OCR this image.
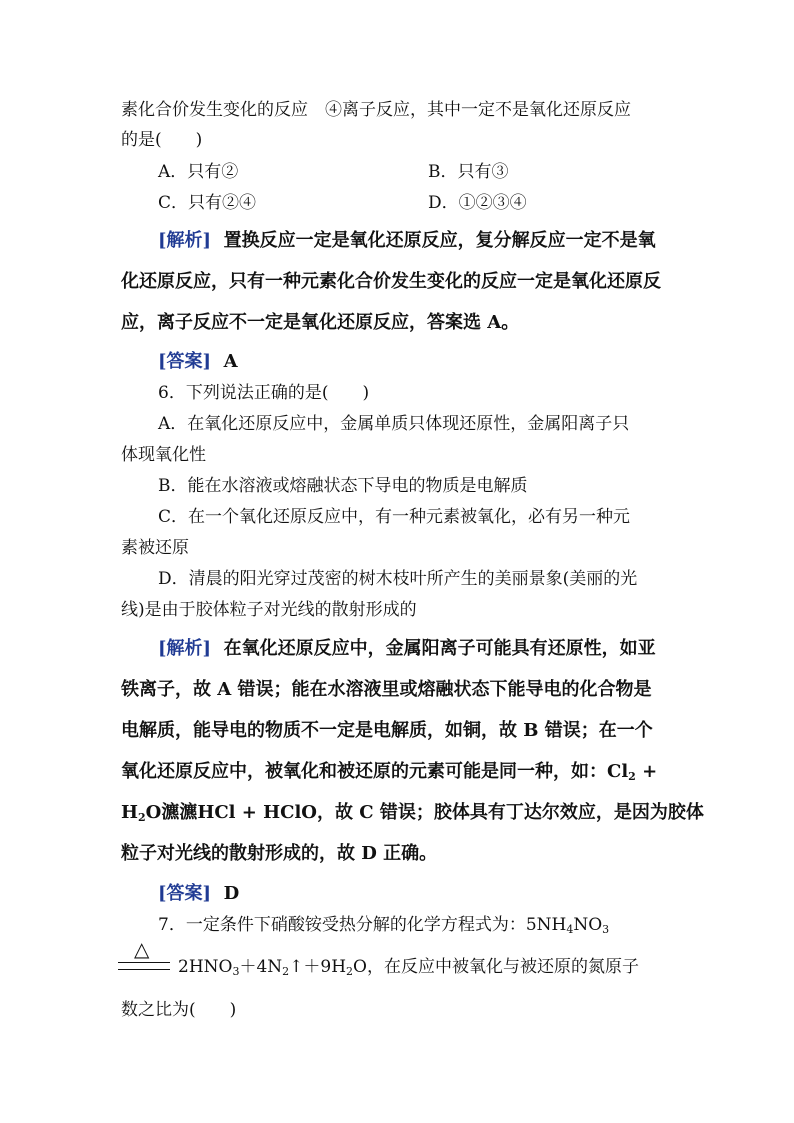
素化合价发生变化的反应　④离子反应，其中一定不是氧化还原反应
的是(　　)
A．只有②	B．只有③
C．只有②④	D．①②③④
[解析] 置换反应一定是氧化还原反应，复分解反应一定不是氧
化还原反应，只有一种元素化合价发生变化的反应一定是氧化还原反
应，离子反应不一定是氧化还原反应，答案选 A。
[答案] A
6．下列说法正确的是(　　)
A．在氧化还原反应中，金属单质只体现还原性，金属阳离子只
体现氧化性
B．能在水溶液或熔融状态下导电的物质是电解质
C．在一个氧化还原反应中，有一种元素被氧化，必有另一种元
素被还原
D．清晨的阳光穿过茂密的树木枝叶所产生的美丽景象(美丽的光
线)是由于胶体粒子对光线的散射形成的
[解析] 在氧化还原反应中，金属阳离子可能具有还原性，如亚
铁离子，故 A 错误；能在水溶液里或熔融状态下能导电的化合物是
电解质，能导电的物质不一定是电解质，如铜，故 B 错误；在一个
氧化还原反应中，被氧化和被还原的元素可能是同一种，如：$Cl_2$ +
$H_2O$瀌瀌HCl + HClO，故 C 错误；胶体具有丁达尔效应，是因为胶体
粒子对光线的散射形成的，故 D 正确。
[答案] D
7．一定条件下硝酸铵受热分解的化学方程式为：$5NH_4NO_3$
△
$2HNO_3+4N_2↑+9H_2O$，在反应中被氧化与被还原的氮原子
数之比为(　　)
